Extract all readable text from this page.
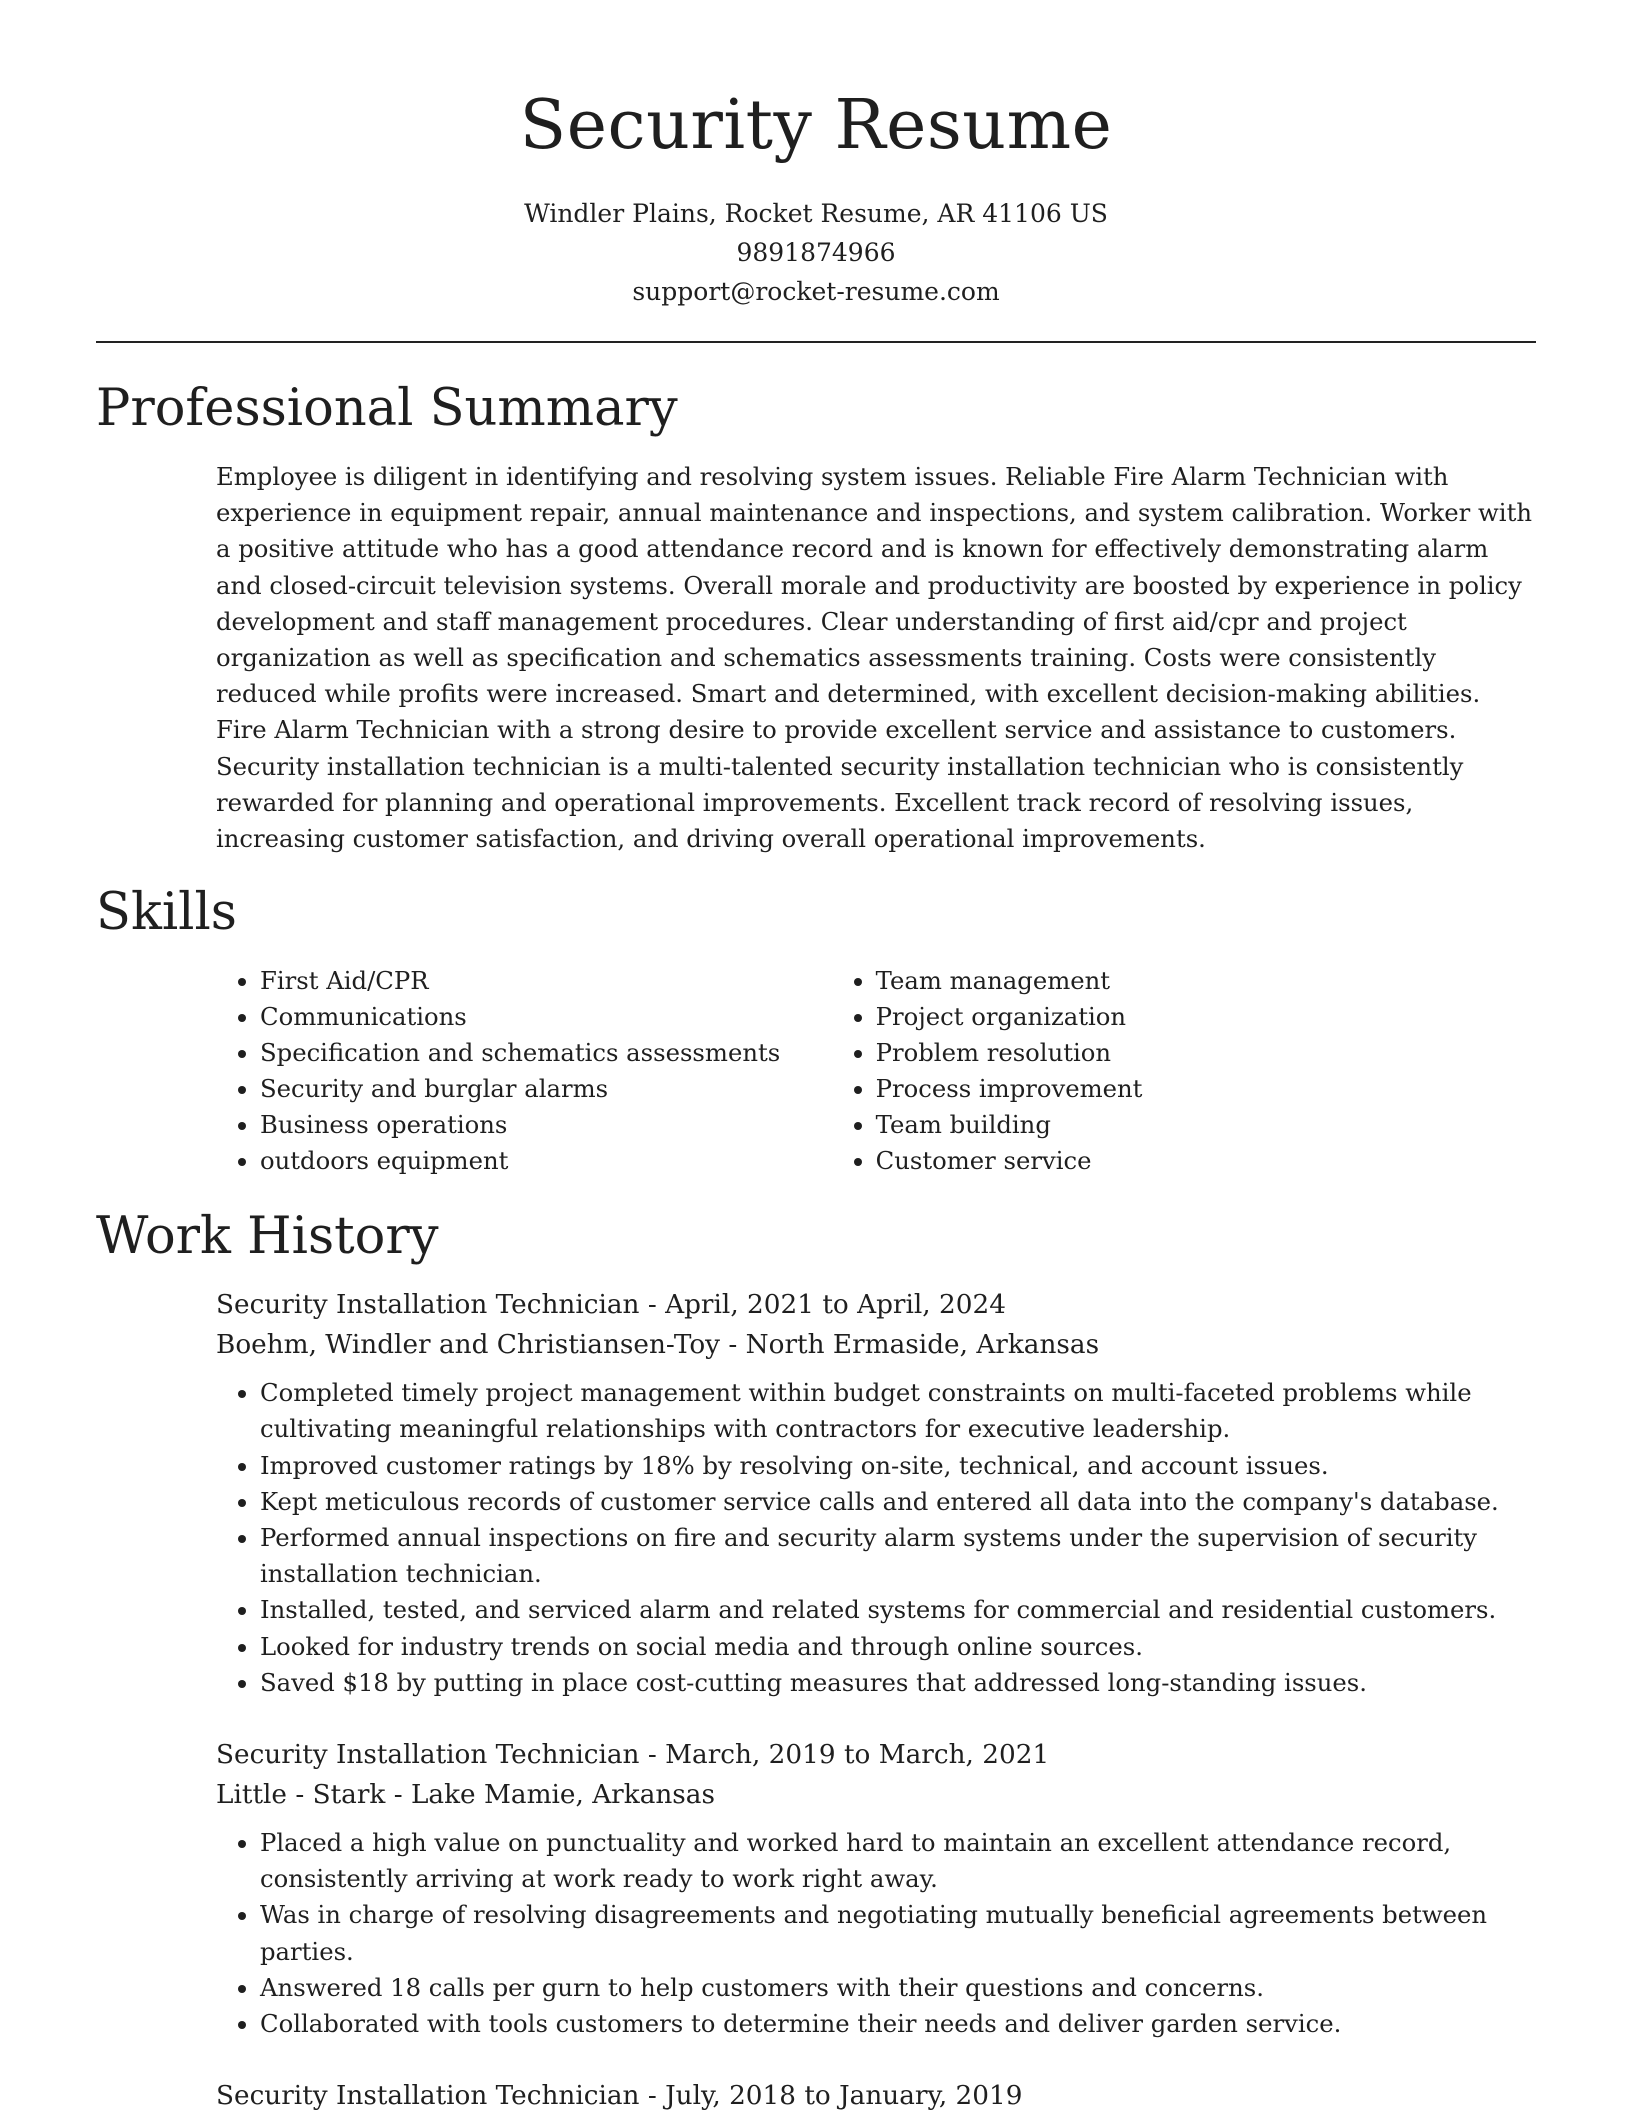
Security Resume
Windler Plains, Rocket Resume, AR 41106 US
9891874966
support@rocket-resume.com
Professional Summary
Employee is diligent in identifying and resolving system issues. Reliable Fire Alarm Technician with experience in equipment repair, annual maintenance and inspections, and system calibration. Worker with a positive attitude who has a good attendance record and is known for effectively demonstrating alarm and closed-circuit television systems. Overall morale and productivity are boosted by experience in policy development and staff management procedures. Clear understanding of first aid/cpr and project organization as well as specification and schematics assessments training. Costs were consistently reduced while profits were increased. Smart and determined, with excellent decision-making abilities. Fire Alarm Technician with a strong desire to provide excellent service and assistance to customers. Security installation technician is a multi-talented security installation technician who is consistently rewarded for planning and operational improvements. Excellent track record of resolving issues, increasing customer satisfaction, and driving overall operational improvements.
Skills
• First Aid/CPR
• Communications
• Specification and schematics assessments
• Security and burglar alarms
• Business operations
• outdoors equipment
• Team management
• Project organization
• Problem resolution
• Process improvement
• Team building
• Customer service
Work History
Security Installation Technician - April, 2021 to April, 2024
Boehm, Windler and Christiansen-Toy - North Ermaside, Arkansas
• Completed timely project management within budget constraints on multi-faceted problems while cultivating meaningful relationships with contractors for executive leadership.
• Improved customer ratings by 18% by resolving on-site, technical, and account issues.
• Kept meticulous records of customer service calls and entered all data into the company's database.
• Performed annual inspections on fire and security alarm systems under the supervision of security installation technician.
• Installed, tested, and serviced alarm and related systems for commercial and residential customers.
• Looked for industry trends on social media and through online sources.
• Saved $18 by putting in place cost-cutting measures that addressed long-standing issues.
Security Installation Technician - March, 2019 to March, 2021
Little - Stark - Lake Mamie, Arkansas
• Placed a high value on punctuality and worked hard to maintain an excellent attendance record, consistently arriving at work ready to work right away.
• Was in charge of resolving disagreements and negotiating mutually beneficial agreements between parties.
• Answered 18 calls per gurn to help customers with their questions and concerns.
• Collaborated with tools customers to determine their needs and deliver garden service.
Security Installation Technician - July, 2018 to January, 2019
